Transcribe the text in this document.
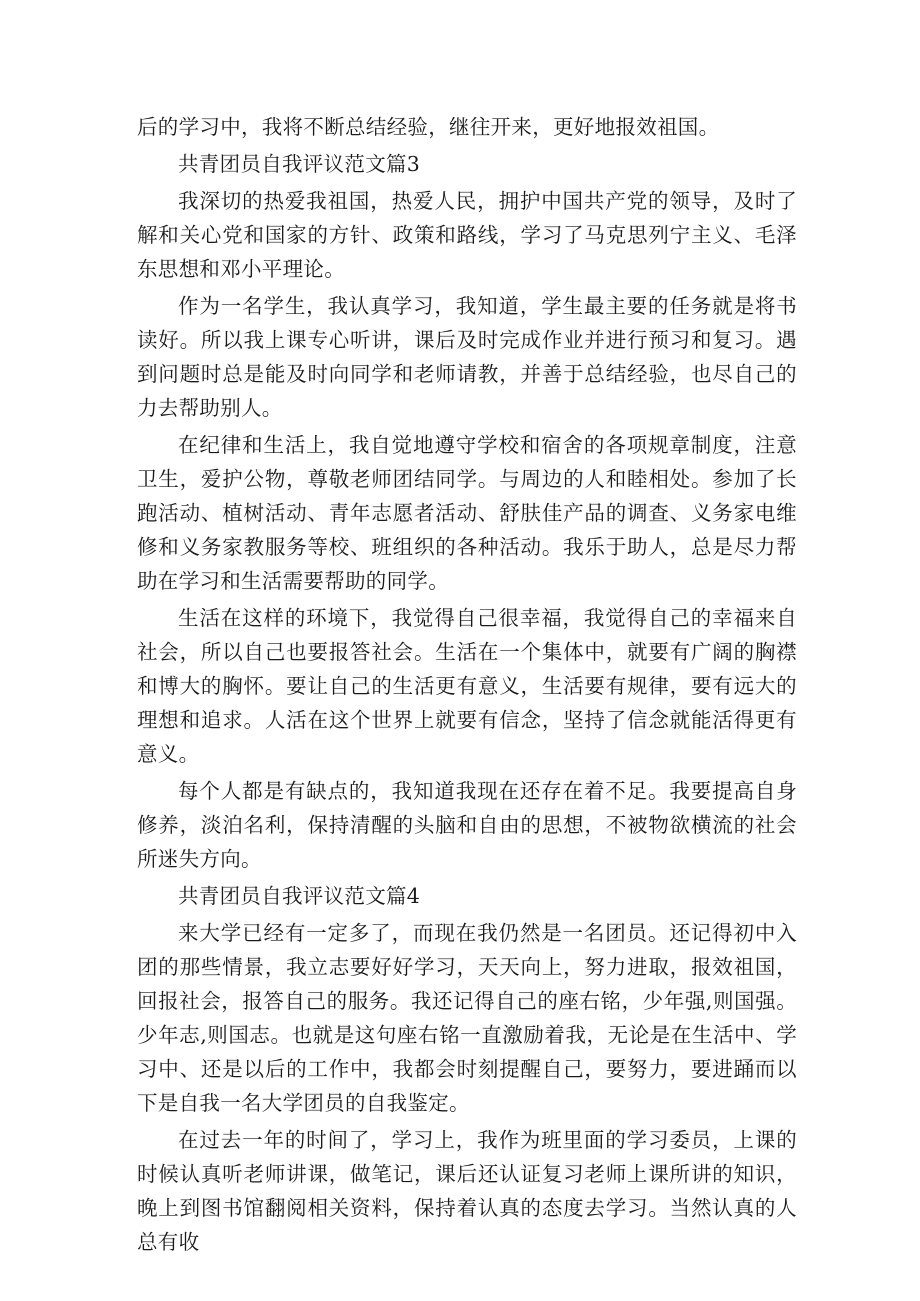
后的学习中，我将不断总结经验，继往开来，更好地报效祖国。

共青团员自我评议范文篇3

我深切的热爱我祖国，热爱人民，拥护中国共产党的领导，及时了解和关心党和国家的方针、政策和路线，学习了马克思列宁主义、毛泽东思想和邓小平理论。

作为一名学生，我认真学习，我知道，学生最主要的任务就是将书读好。所以我上课专心听讲，课后及时完成作业并进行预习和复习。遇到问题时总是能及时向同学和老师请教，并善于总结经验，也尽自己的力去帮助别人。

在纪律和生活上，我自觉地遵守学校和宿舍的各项规章制度，注意卫生，爱护公物，尊敬老师团结同学。与周边的人和睦相处。参加了长跑活动、植树活动、青年志愿者活动、舒肤佳产品的调查、义务家电维修和义务家教服务等校、班组织的各种活动。我乐于助人，总是尽力帮助在学习和生活需要帮助的同学。

生活在这样的环境下，我觉得自己很幸福，我觉得自己的幸福来自社会，所以自己也要报答社会。生活在一个集体中，就要有广阔的胸襟和博大的胸怀。要让自己的生活更有意义，生活要有规律，要有远大的理想和追求。人活在这个世界上就要有信念，坚持了信念就能活得更有意义。

每个人都是有缺点的，我知道我现在还存在着不足。我要提高自身修养，淡泊名利，保持清醒的头脑和自由的思想，不被物欲横流的社会所迷失方向。

共青团员自我评议范文篇4

来大学已经有一定多了，而现在我仍然是一名团员。还记得初中入团的那些情景，我立志要好好学习，天天向上，努力进取，报效祖国，回报社会，报答自己的服务。我还记得自己的座右铭，少年强,则国强。少年志,则国志。也就是这句座右铭一直激励着我，无论是在生活中、学习中、还是以后的工作中，我都会时刻提醒自己，要努力，要进踊而以下是自我一名大学团员的自我鉴定。

在过去一年的时间了，学习上，我作为班里面的学习委员，上课的时候认真听老师讲课，做笔记，课后还认证复习老师上课所讲的知识，晚上到图书馆翻阅相关资料，保持着认真的态度去学习。当然认真的人总有收
